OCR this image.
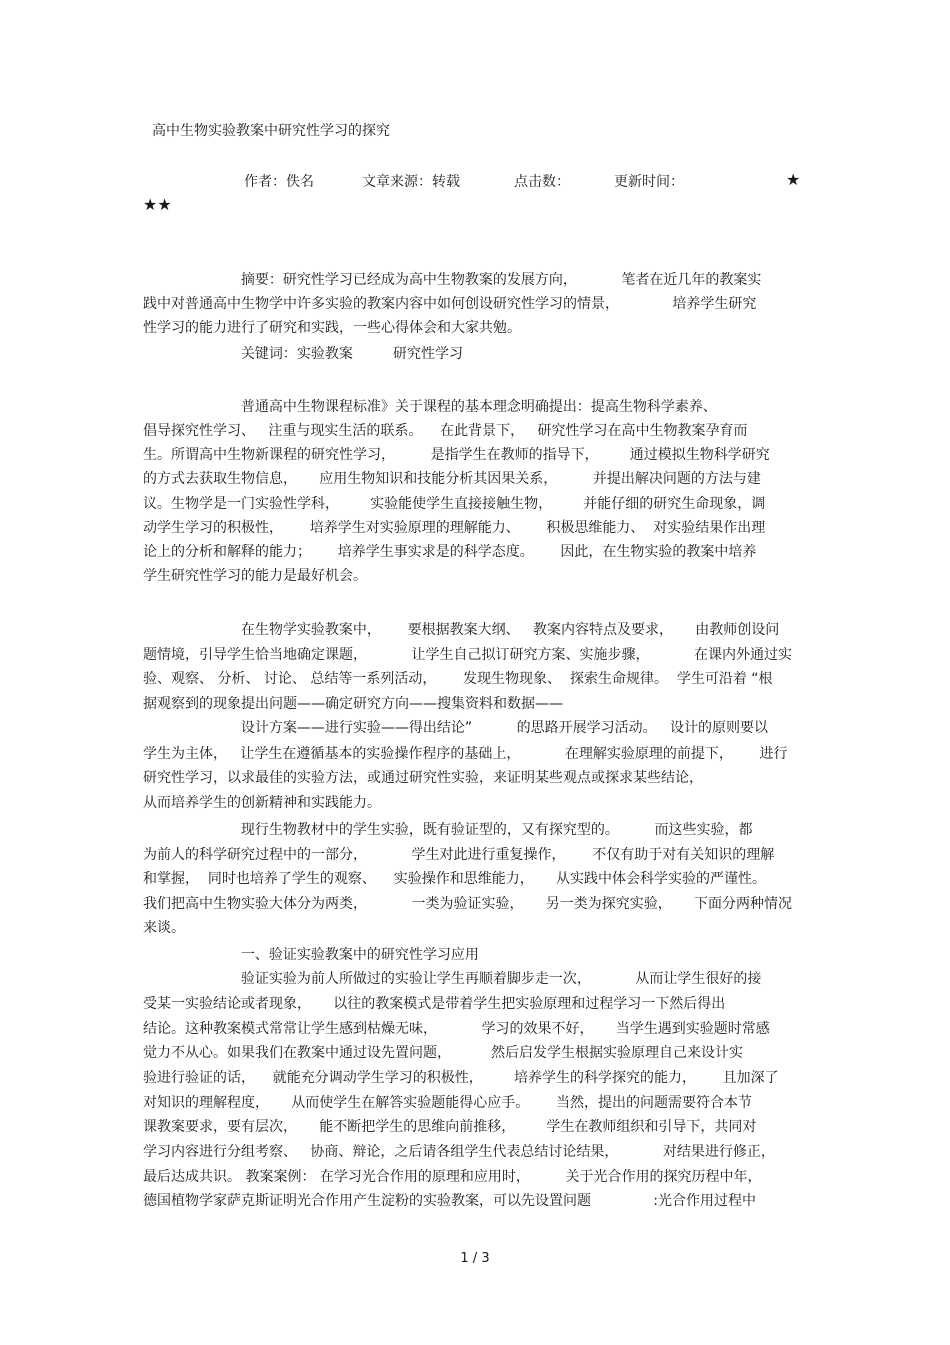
高中生物实验教案中研究性学习的探究
作者：佚名	文章来源：转载	点击数：	更新时间：	★
★★
摘要：研究性学习已经成为高中生物教案的发展方向，          笔者在近几年的教案实
践中对普通高中生物学中许多实验的教案内容中如何创设研究性学习的情景，            培养学生研究
性学习的能力进行了研究和实践，一些心得体会和大家共勉。
关键词：实验教案         研究性学习
普通高中生物课程标准》关于课程的基本理念明确提出：提高生物科学素养、
倡导探究性学习、   注重与现实生活的联系。    在此背景下，   研究性学习在高中生物教案孕育而
生。所谓高中生物新课程的研究性学习，        是指学生在教师的指导下，       通过模拟生物科学研究
的方式去获取生物信息，     应用生物知识和技能分析其因果关系，        并提出解决问题的方法与建
议。生物学是一门实验性学科，       实验能使学生直接接触生物，       并能仔细的研究生命现象，调
动学生学习的积极性，      培养学生对实验原理的理解能力、      积极思维能力、  对实验结果作出理
论上的分析和解释的能力；      培养学生事实求是的科学态度。      因此，在生物实验的教案中培养
学生研究性学习的能力是最好机会。
在生物学实验教案中，      要根据教案大纲、   教案内容特点及要求，     由教师创设问
题情境，引导学生恰当地确定课题，          让学生自己拟订研究方案、实施步骤，          在课内外通过实
验、观察、 分析、 讨论、 总结等一系列活动，      发现生物现象、  探索生命规律。  学生可沿着 “根
据观察到的现象提出问题——确定研究方向——搜集资料和数据——
设计方案——进行实验——得出结论”          的思路开展学习活动。   设计的原则要以
学生为主体，   让学生在遵循基本的实验操作程序的基础上，          在理解实验原理的前提下，      进行
研究性学习，以求最佳的实验方法，或通过研究性实验，来证明某些观点或探求某些结论，
从而培养学生的创新精神和实践能力。
现行生物教材中的学生实验，既有验证型的，又有探究型的。        而这些实验，都
为前人的科学研究过程中的一部分，          学生对此进行重复操作，      不仅有助于对有关知识的理解
和掌握，  同时也培养了学生的观察、    实验操作和思维能力，     从实践中体会科学实验的严谨性。
我们把高中生物实验大体分为两类，          一类为验证实验，     另一类为探究实验，     下面分两种情况
来谈。
一、验证实验教案中的研究性学习应用
验证实验为前人所做过的实验让学生再顺着脚步走一次，          从而让学生很好的接
受某一实验结论或者现象，     以往的教案模式是带着学生把实验原理和过程学习一下然后得出
结论。这种教案模式常常让学生感到枯燥无味，          学习的效果不好，     当学生遇到实验题时常感
觉力不从心。如果我们在教案中通过设先置问题，         然后启发学生根据实验原理自己来设计实
验进行验证的话，    就能充分调动学生学习的积极性，       培养学生的科学探究的能力，      且加深了
对知识的理解程度，     从而使学生在解答实验题能得心应手。      当然，提出的问题需要符合本节
课教案要求，要有层次，     能不断把学生的思维向前推移，       学生在教师组织和引导下，共同对
学习内容进行分组考察、   协商、辩论，之后请各组学生代表总结讨论结果，          对结果进行修正，
最后达成共识。 教案案例： 在学习光合作用的原理和应用时，        关于光合作用的探究历程中年，
德国植物学家萨克斯证明光合作用产生淀粉的实验教案，可以先设置问题              :光合作用过程中
1 / 3
